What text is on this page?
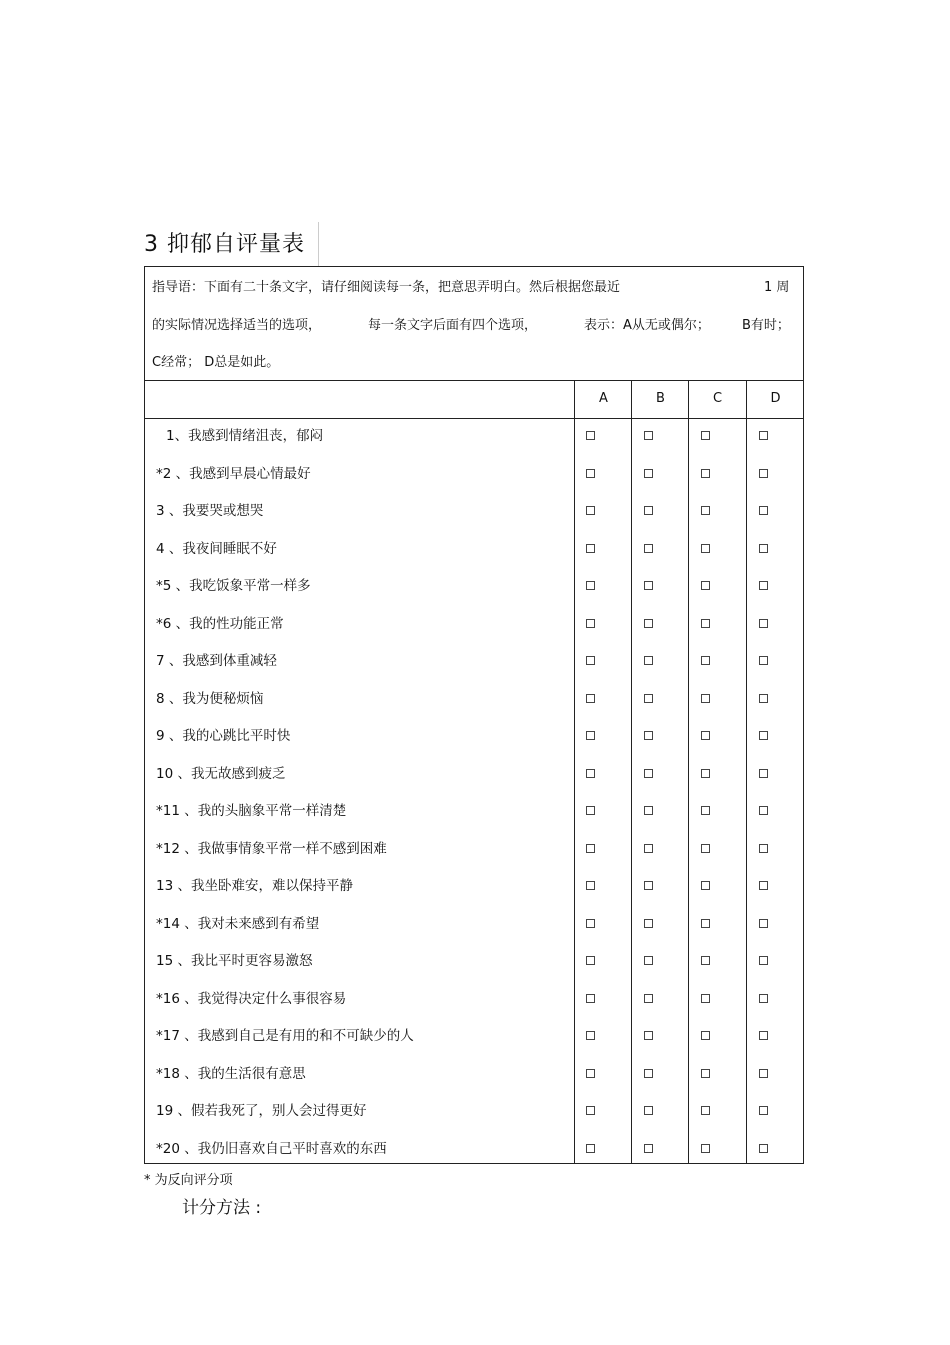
3 抑郁自评量表
指导语：下面有二十条文字，请仔细阅读每一条，把意思弄明白。然后根据您最近	1 周
的实际情况选择适当的选项，	每一条文字后面有四个选项，	表示：A从无或偶尔； B有时；
C经常； D总是如此。
A	B	C	D
1、我感到情绪沮丧，郁闷
*2 、我感到早晨心情最好
3 、我要哭或想哭
4 、我夜间睡眠不好
*5 、我吃饭象平常一样多
*6 、我的性功能正常
7 、我感到体重减轻
8 、我为便秘烦恼
9 、我的心跳比平时快
10 、我无故感到疲乏
*11 、我的头脑象平常一样清楚
*12 、我做事情象平常一样不感到困难
13 、我坐卧难安，难以保持平静
*14 、我对未来感到有希望
15 、我比平时更容易激怒
*16 、我觉得决定什么事很容易
*17 、我感到自己是有用的和不可缺少的人
*18 、我的生活很有意思
19 、假若我死了，别人会过得更好
*20 、我仍旧喜欢自己平时喜欢的东西
* 为反向评分项
计分方法 :
